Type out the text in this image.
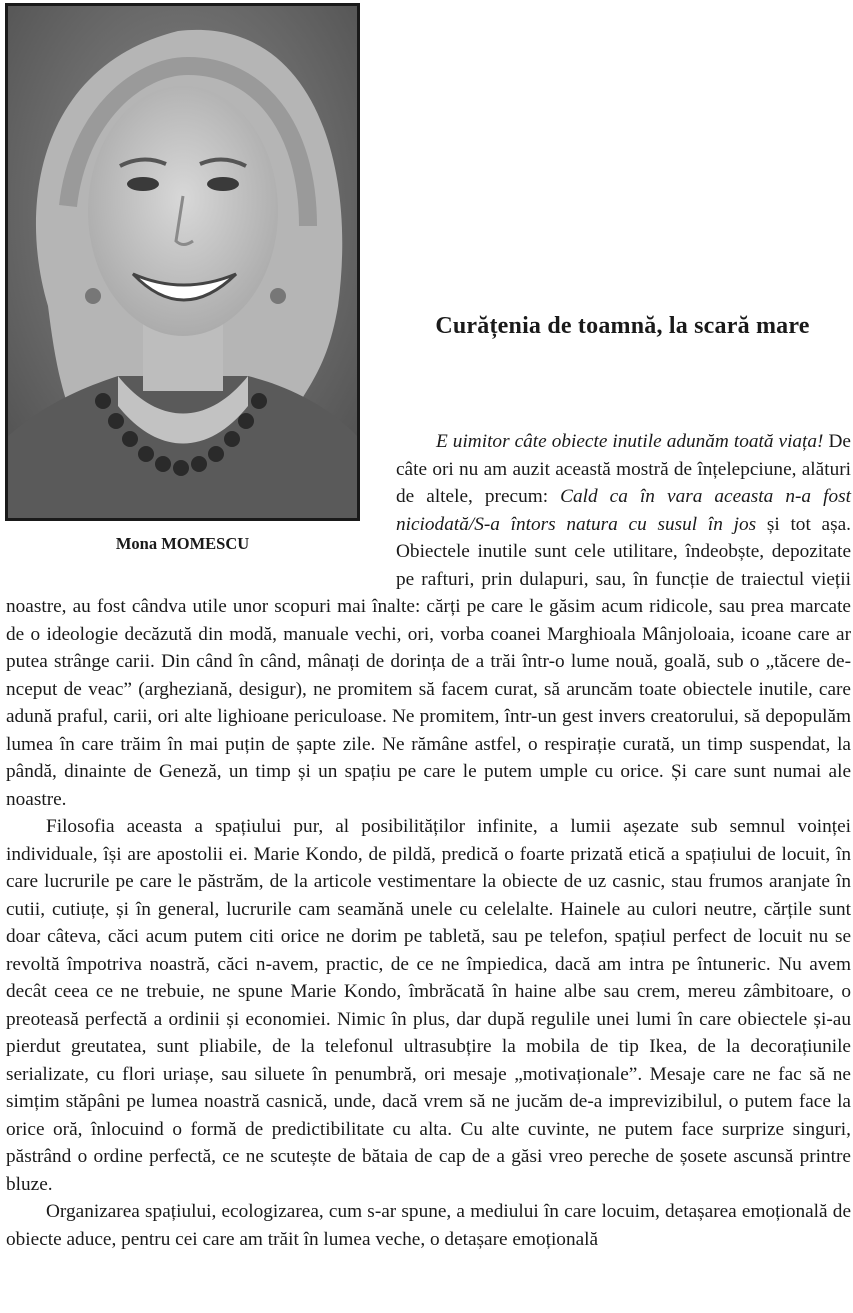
Mona MOMESCU
Curățenia de toamnă, la scară mare

E uimitor câte obiecte inutile adunăm toată viața! De câte ori nu am auzit această mostră de înțelepciune, alături de altele, precum: Cald ca în vara aceasta n-a fost niciodată/S-a întors natura cu susul în jos și tot așa. Obiectele inutile sunt cele utilitare, îndeobște, depozitate pe rafturi, prin dulapuri, sau, în funcție de traiectul vieții noastre, au fost cândva utile unor scopuri mai înalte: cărți pe care le găsim acum ridicole, sau prea marcate de o ideologie decăzută din modă, manuale vechi, ori, vorba coanei Marghioala Mânjoloaia, icoane care ar putea strânge carii. Din când în când, mânați de dorința de a trăi într-o lume nouă, goală, sub o „tăcere de-nceput de veac” (argheziană, desigur), ne promitem să facem curat, să aruncăm toate obiectele inutile, care adună praful, carii, ori alte lighioane periculoase. Ne promitem, într-un gest invers creatorului, să depopulăm lumea în care trăim în mai puțin de șapte zile. Ne rămâne astfel, o respirație curată, un timp suspendat, la pândă, dinainte de Geneză, un timp și un spațiu pe care le putem umple cu orice. Și care sunt numai ale noastre.

Filosofia aceasta a spațiului pur, al posibilităților infinite, a lumii așezate sub semnul voinței individuale, își are apostolii ei. Marie Kondo, de pildă, predică o foarte prizată etică a spațiului de locuit, în care lucrurile pe care le păstrăm, de la articole vestimentare la obiecte de uz casnic, stau frumos aranjate în cutii, cutiuțe, și în general, lucrurile cam seamănă unele cu celelalte. Hainele au culori neutre, cărțile sunt doar câteva, căci acum putem citi orice ne dorim pe tabletă, sau pe telefon, spațiul perfect de locuit nu se revoltă împotriva noastră, căci n-avem, practic, de ce ne împiedica, dacă am intra pe întuneric. Nu avem decât ceea ce ne trebuie, ne spune Marie Kondo, îmbrăcată în haine albe sau crem, mereu zâmbitoare, o preoteasă perfectă a ordinii și economiei. Nimic în plus, dar după regulile unei lumi în care obiectele și-au pierdut greutatea, sunt pliabile, de la telefonul ultrasubțire la mobila de tip Ikea, de la decorațiunile serializate, cu flori uriașe, sau siluete în penumbră, ori mesaje „motivaționale”. Mesaje care ne fac să ne simțim stăpâni pe lumea noastră casnică, unde, dacă vrem să ne jucăm de-a imprevizibilul, o putem face la orice oră, înlocuind o formă de predictibilitate cu alta. Cu alte cuvinte, ne putem face surprize singuri, păstrând o ordine perfectă, ce ne scutește de bătaia de cap de a găsi vreo pereche de șosete ascunsă printre bluze.

Organizarea spațiului, ecologizarea, cum s-ar spune, a mediului în care locuim, detașarea emoțională de obiecte aduce, pentru cei care am trăit în lumea veche, o detașare emoțională
